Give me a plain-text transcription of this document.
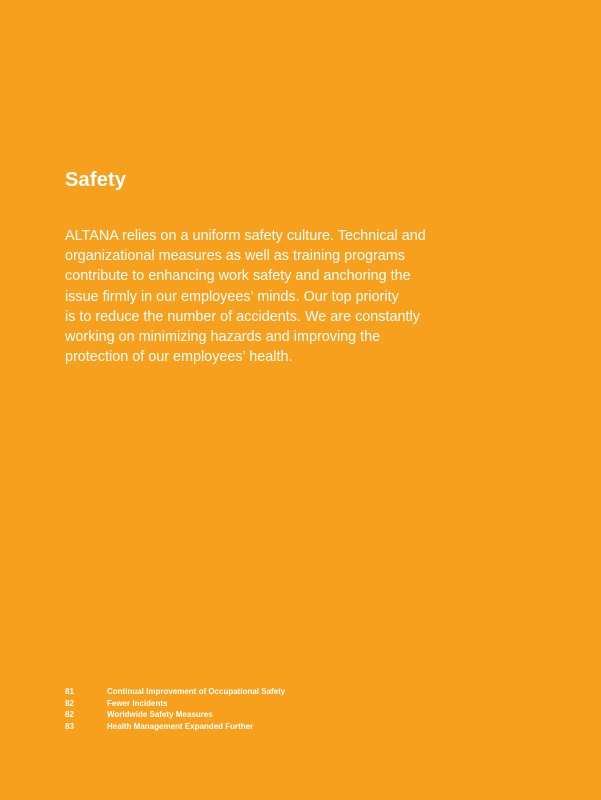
Safety

ALTANA relies on a uniform safety culture. Technical and
organizational measures as well as training programs
contribute to enhancing work safety and anchoring the
issue firmly in our employees’ minds. Our top priority
is to reduce the number of accidents. We are constantly
working on minimizing hazards and improving the
protection of our employees’ health.

81	Continual Improvement of Occupational Safety
82	Fewer Incidents
82	Worldwide Safety Measures
83	Health Management Expanded Further
